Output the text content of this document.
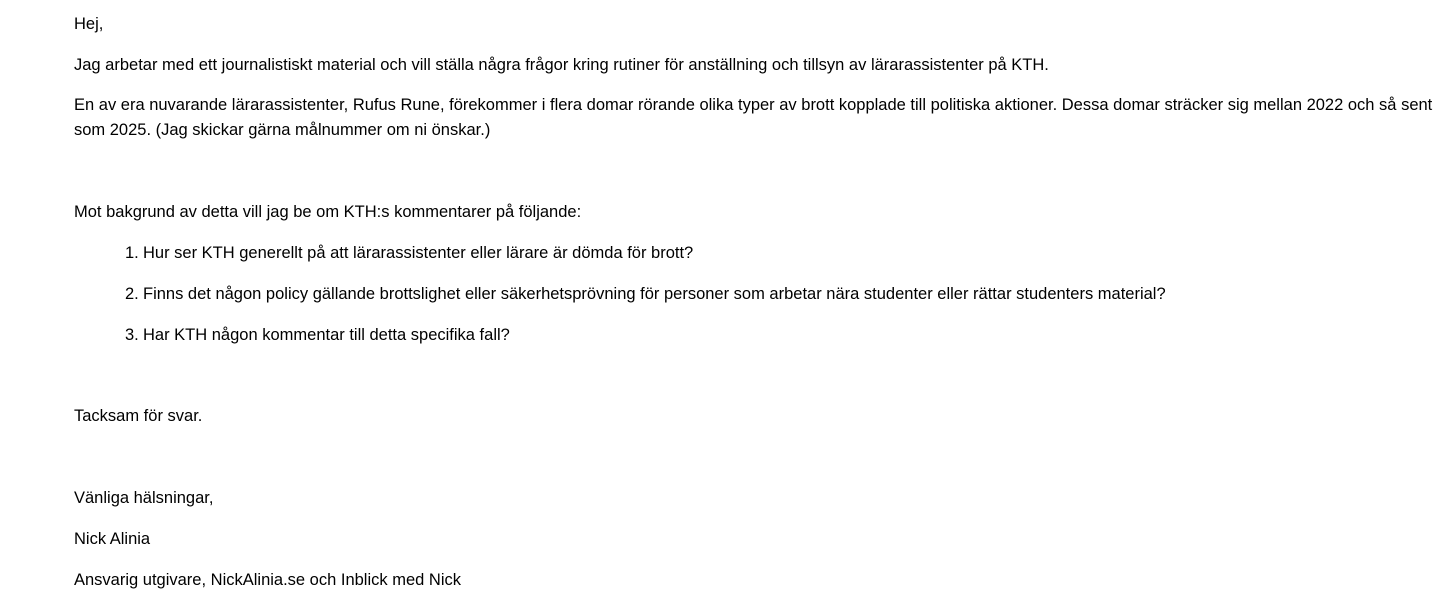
Hej,
Jag arbetar med ett journalistiskt material och vill ställa några frågor kring rutiner för anställning och tillsyn av lärarassistenter på KTH.
En av era nuvarande lärarassistenter, Rufus Rune, förekommer i flera domar rörande olika typer av brott kopplade till politiska aktioner. Dessa domar sträcker sig mellan 2022 och så sent som 2025. (Jag skickar gärna målnummer om ni önskar.)
Mot bakgrund av detta vill jag be om KTH:s kommentarer på följande:
1. Hur ser KTH generellt på att lärarassistenter eller lärare är dömda för brott?
2. Finns det någon policy gällande brottslighet eller säkerhetsprövning för personer som arbetar nära studenter eller rättar studenters material?
3. Har KTH någon kommentar till detta specifika fall?
Tacksam för svar.
Vänliga hälsningar,
Nick Alinia
Ansvarig utgivare, NickAlinia.se och Inblick med Nick
